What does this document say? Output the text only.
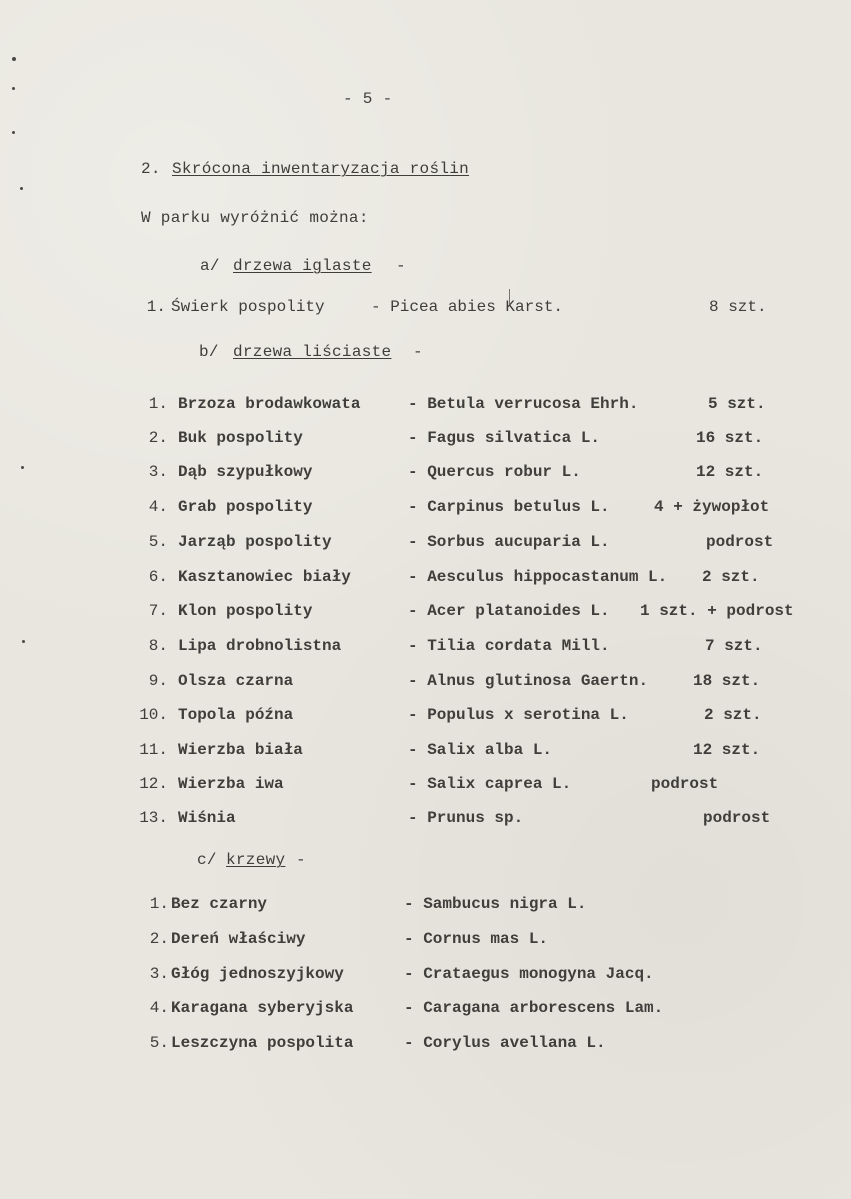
- 5 -
2. Skrócona inwentaryzacja roślin
W parku wyróżnić można:
a/ drzewa iglaste -
1. Świerk pospolity	- Picea abies Karst.	8 szt.
b/ drzewa liściaste -
1. Brzoza brodawkowata	- Betula verrucosa Ehrh.	5 szt.
2. Buk pospolity	- Fagus silvatica L.	16 szt.
3. Dąb szypułkowy	- Quercus robur L.	12 szt.
4. Grab pospolity	- Carpinus betulus L.	4 + żywopłot
5. Jarząb pospolity	- Sorbus aucuparia L.	podrost
6. Kasztanowiec biały	- Aesculus hippocastanum L. 2 szt.
7. Klon pospolity	- Acer platanoides L. 1 szt. + podrost
8. Lipa drobnolistna	- Tilia cordata Mill.	7 szt.
9. Olsza czarna	- Alnus glutinosa Gaertn.	18 szt.
10. Topola późna	- Populus x serotina L.	2 szt.
11. Wierzba biała	- Salix alba L.	12 szt.
12. Wierzba iwa	- Salix caprea L.	podrost
13. Wiśnia	- Prunus sp.	podrost
c/ krzewy -
1. Bez czarny	- Sambucus nigra L.
2. Dereń właściwy	- Cornus mas L.
3. Głóg jednoszyjkowy	- Crataegus monogyna Jacq.
4. Karagana syberyjska	- Caragana arborescens Lam.
5. Leszczyna pospolita	- Corylus avellana L.
